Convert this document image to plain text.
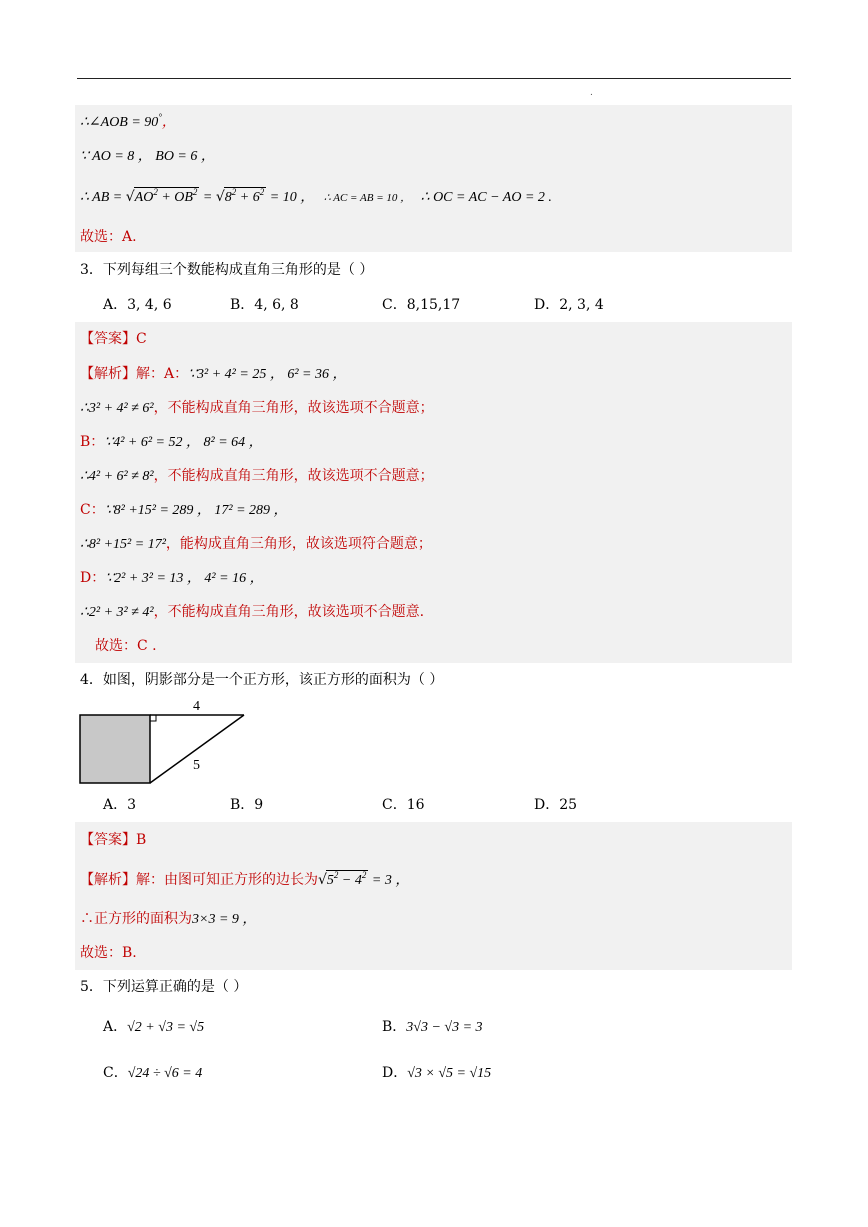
.
∴∠AOB = 90°，
∵ AO = 8 ， BO = 6 ，
∴ AB = $√AO^2 + OB^2 = √8^2 + 6^2 = 10$ ， ∴ AC = AB = 10 ， ∴ OC = AC − AO = 2 .
故选：A.
3．下列每组三个数能构成直角三角形的是（ ）
A．3, 4, 6	B．4, 6, 8	C．8,15,17	D．2, 3, 4
【答案】C
【解析】解：A：∵3² + 4² = 25 ， 6² = 36 ，
∴3² + 4² ≠ 6²，不能构成直角三角形，故该选项不合题意；
B：∵4² + 6² = 52 ， 8² = 64 ，
∴4² + 6² ≠ 8²，不能构成直角三角形，故该选项不合题意；
C：∵8² +15² = 289 ， 17² = 289 ，
∴8² +15² = 17²，能构成直角三角形，故该选项符合题意；
D：∵2² + 3² = 13 ， 4² = 16 ，
∴2² + 3² ≠ 4²，不能构成直角三角形，故该选项不合题意.
故选：C .
4．如图，阴影部分是一个正方形，该正方形的面积为（ ）
4
5
A．3	B．9	C．16	D．25
【答案】B
【解析】解：由图可知正方形的边长为$√5^2 - 4^2 = 3$ ，
∴正方形的面积为3×3 = 9 ，
故选：B.
5．下列运算正确的是（ ）
A．√2 + √3 = √5	B．3√3 − √3 = 3
C．√24 ÷ √6 = 4	D．√3 × √5 = √15
